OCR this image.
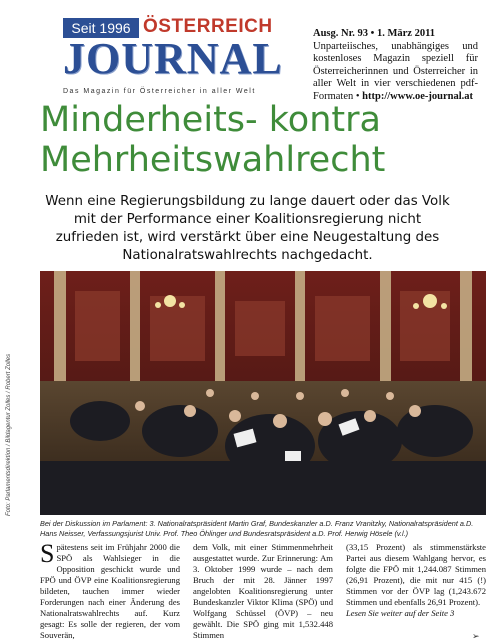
Seit 1996 ÖSTERREICH
JOURNAL
Das Magazin für Österreicher in aller Welt
Ausg. Nr. 93 • 1. März 2011
Unparteiisches, unabhängiges und kostenloses Magazin speziell für Österreicherinnen und Österreicher in aller Welt in vier verschiedenen pdf-Formaten • http://www.oe-journal.at
Minderheits- kontra
Mehrheitswahlrecht
Wenn eine Regierungsbildung zu lange dauert oder das Volk mit der Performance einer Koalitionsregierung nicht zufrieden ist, wird verstärkt über eine Neugestaltung des Nationalratswahlrechts nachgedacht.
Foto: Parlamentsdirektion / Bildagentur Zolles / Robert Zolles
Bei der Diskussion im Parlament: 3. Nationalratspräsident Martin Graf, Bundeskanzler a.D. Franz Vranitzky, Nationalratspräsident a.D. Hans Neisser, Verfassungsjurist Univ. Prof. Theo Öhlinger und Bundesratspräsident a.D. Prof. Herwig Hösele (v.l.)
Spätestens seit im Frühjahr 2000 die SPÖ als Wahlsieger in die Opposition geschickt wurde und FPÖ und ÖVP eine Koalitionsregierung bildeten, tauchen immer wieder Forderungen nach einer Änderung des Nationalratswahlrechts auf. Kurz gesagt: Es solle der regieren, der vom Souverän,
dem Volk, mit einer Stimmenmehrheit ausgestattet wurde. Zur Erinnerung: Am 3. Oktober 1999 wurde – nach dem Bruch der mit 28. Jänner 1997 angelobten Koalitionsregierung unter Bundeskanzler Viktor Klima (SPÖ) und Wolfgang Schüssel (ÖVP) – neu gewählt. Die SPÖ ging mit 1,532.448 Stimmen
(33,15 Prozent) als stimmenstärkste Partei aus diesem Wahlgang hervor, es folgte die FPÖ mit 1,244.087 Stimmen (26,91 Prozent), die mit nur 415 (!) Stimmen vor der ÖVP lag (1,243.672 Stimmen und ebenfalls 26,91 Prozent).
Lesen Sie weiter auf der Seite 3
➢
